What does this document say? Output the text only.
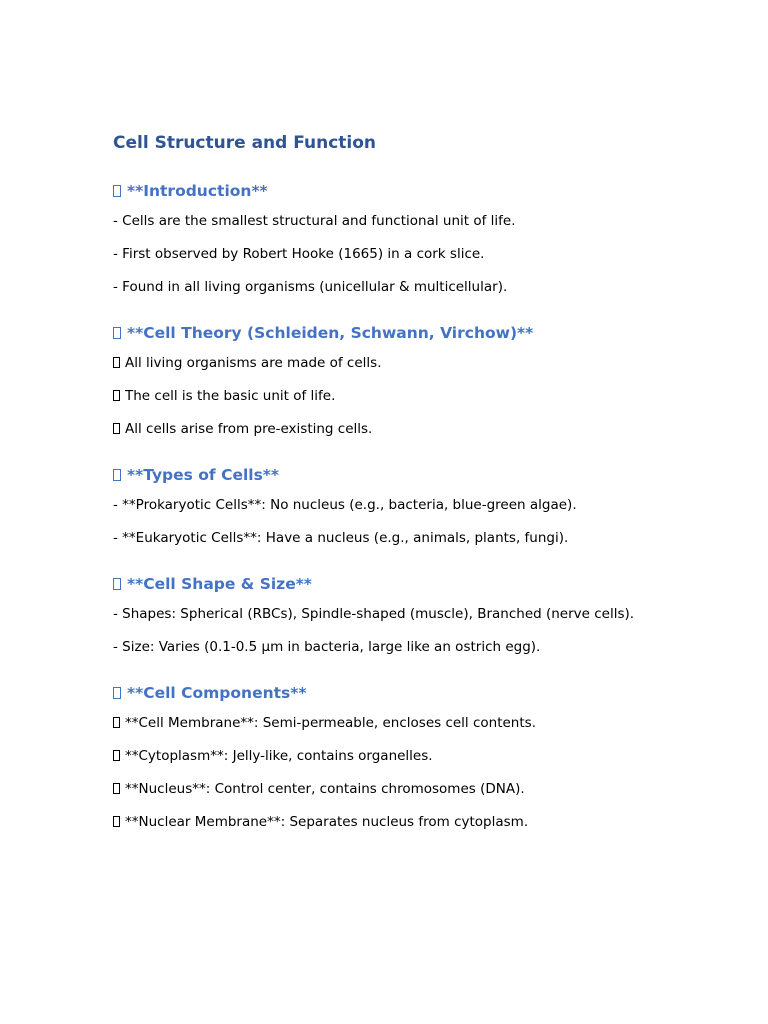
Cell Structure and Function
**Introduction**

- Cells are the smallest structural and functional unit of life.

- First observed by Robert Hooke (1665) in a cork slice.

- Found in all living organisms (unicellular & multicellular).

**Cell Theory (Schleiden, Schwann, Virchow)**

All living organisms are made of cells.

The cell is the basic unit of life.

All cells arise from pre-existing cells.

**Types of Cells**

- **Prokaryotic Cells**: No nucleus (e.g., bacteria, blue-green algae).

- **Eukaryotic Cells**: Have a nucleus (e.g., animals, plants, fungi).

**Cell Shape & Size**

- Shapes: Spherical (RBCs), Spindle-shaped (muscle), Branched (nerve cells).

- Size: Varies (0.1-0.5 µm in bacteria, large like an ostrich egg).

**Cell Components**

**Cell Membrane**: Semi-permeable, encloses cell contents.

**Cytoplasm**: Jelly-like, contains organelles.

**Nucleus**: Control center, contains chromosomes (DNA).

**Nuclear Membrane**: Separates nucleus from cytoplasm.
